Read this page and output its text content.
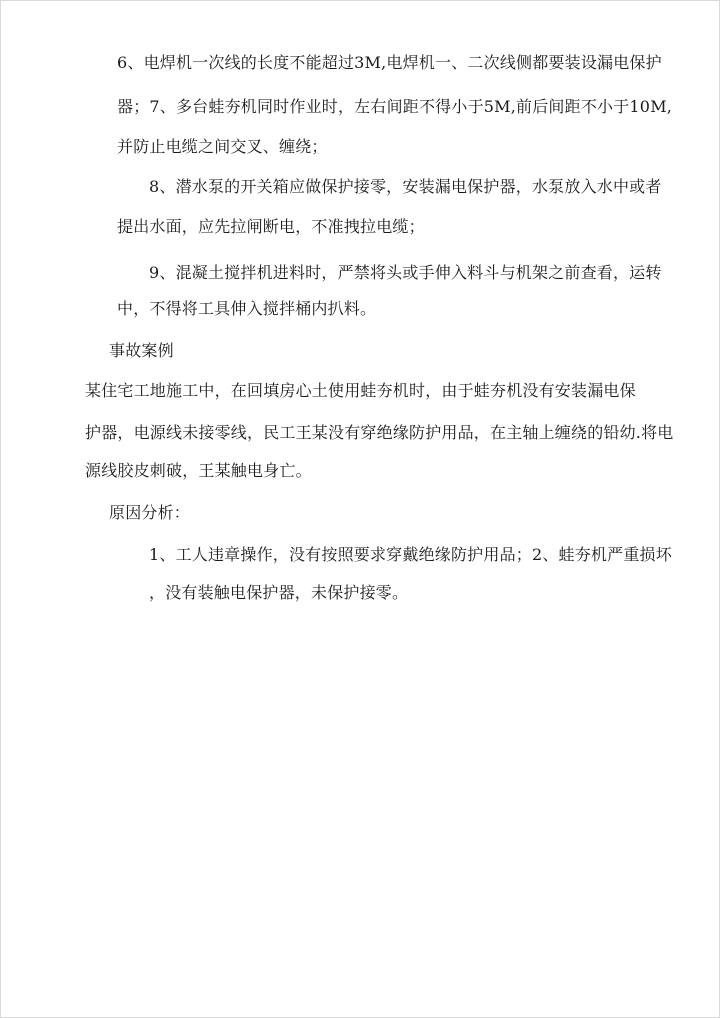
6、电焊机一次线的长度不能超过3M,电焊机一、二次线侧都要装设漏电保护
器；7、多台蛙夯机同时作业时，左右间距不得小于5M,前后间距不小于10M,
并防止电缆之间交叉、缠绕；
8、潜水泵的开关箱应做保护接零，安装漏电保护器，水泵放入水中或者
提出水面，应先拉闸断电，不准拽拉电缆；
9、混凝土搅拌机进料时，严禁将头或手伸入料斗与机架之前查看，运转
中，不得将工具伸入搅拌桶内扒料。
事故案例
某住宅工地施工中，在回填房心土使用蛙夯机时，由于蛙夯机没有安装漏电保
护器，电源线未接零线，民工王某没有穿绝缘防护用品，在主轴上缠绕的铅幼.将电
源线胶皮刺破，王某触电身亡。
原因分析：
1、工人违章操作，没有按照要求穿戴绝缘防护用品；2、蛙夯机严重损坏
，没有装触电保护器，未保护接零。
